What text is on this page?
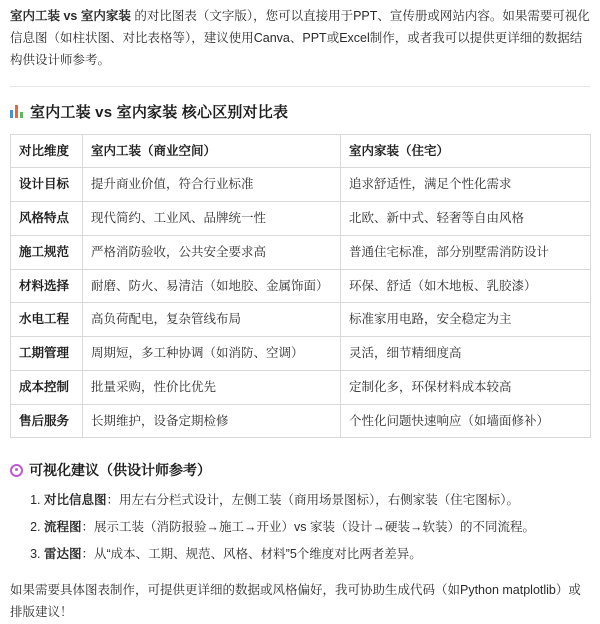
室内工装 vs 室内家装 的对比图表（文字版），您可以直接用于PPT、宣传册或网站内容。如果需要可视化信息图（如柱状图、对比表格等），建议使用Canva、PPT或Excel制作，或者我可以提供更详细的数据结构供设计师参考。

室内工装 vs 室内家装 核心区别对比表
对比维度	室内工装（商业空间）	室内家装（住宅）
设计目标	提升商业价值，符合行业标准	追求舒适性，满足个性化需求
风格特点	现代简约、工业风、品牌统一性	北欧、新中式、轻奢等自由风格
施工规范	严格消防验收，公共安全要求高	普通住宅标准，部分别墅需消防设计
材料选择	耐磨、防火、易清洁（如地胶、金属饰面）	环保、舒适（如木地板、乳胶漆）
水电工程	高负荷配电，复杂管线布局	标准家用电路，安全稳定为主
工期管理	周期短，多工种协调（如消防、空调）	灵活，细节精细度高
成本控制	批量采购，性价比优先	定制化多，环保材料成本较高
售后服务	长期维护，设备定期检修	个性化问题快速响应（如墙面修补）
可视化建议（供设计师参考）
1. 对比信息图：用左右分栏式设计，左侧工装（商用场景图标），右侧家装（住宅图标）。
2. 流程图：展示工装（消防报验→施工→开业）vs 家装（设计→硬装→软装）的不同流程。
3. 雷达图：从“成本、工期、规范、风格、材料”5个维度对比两者差异。

如果需要具体图表制作，可提供更详细的数据或风格偏好，我可协助生成代码（如Python matplotlib）或排版建议！
